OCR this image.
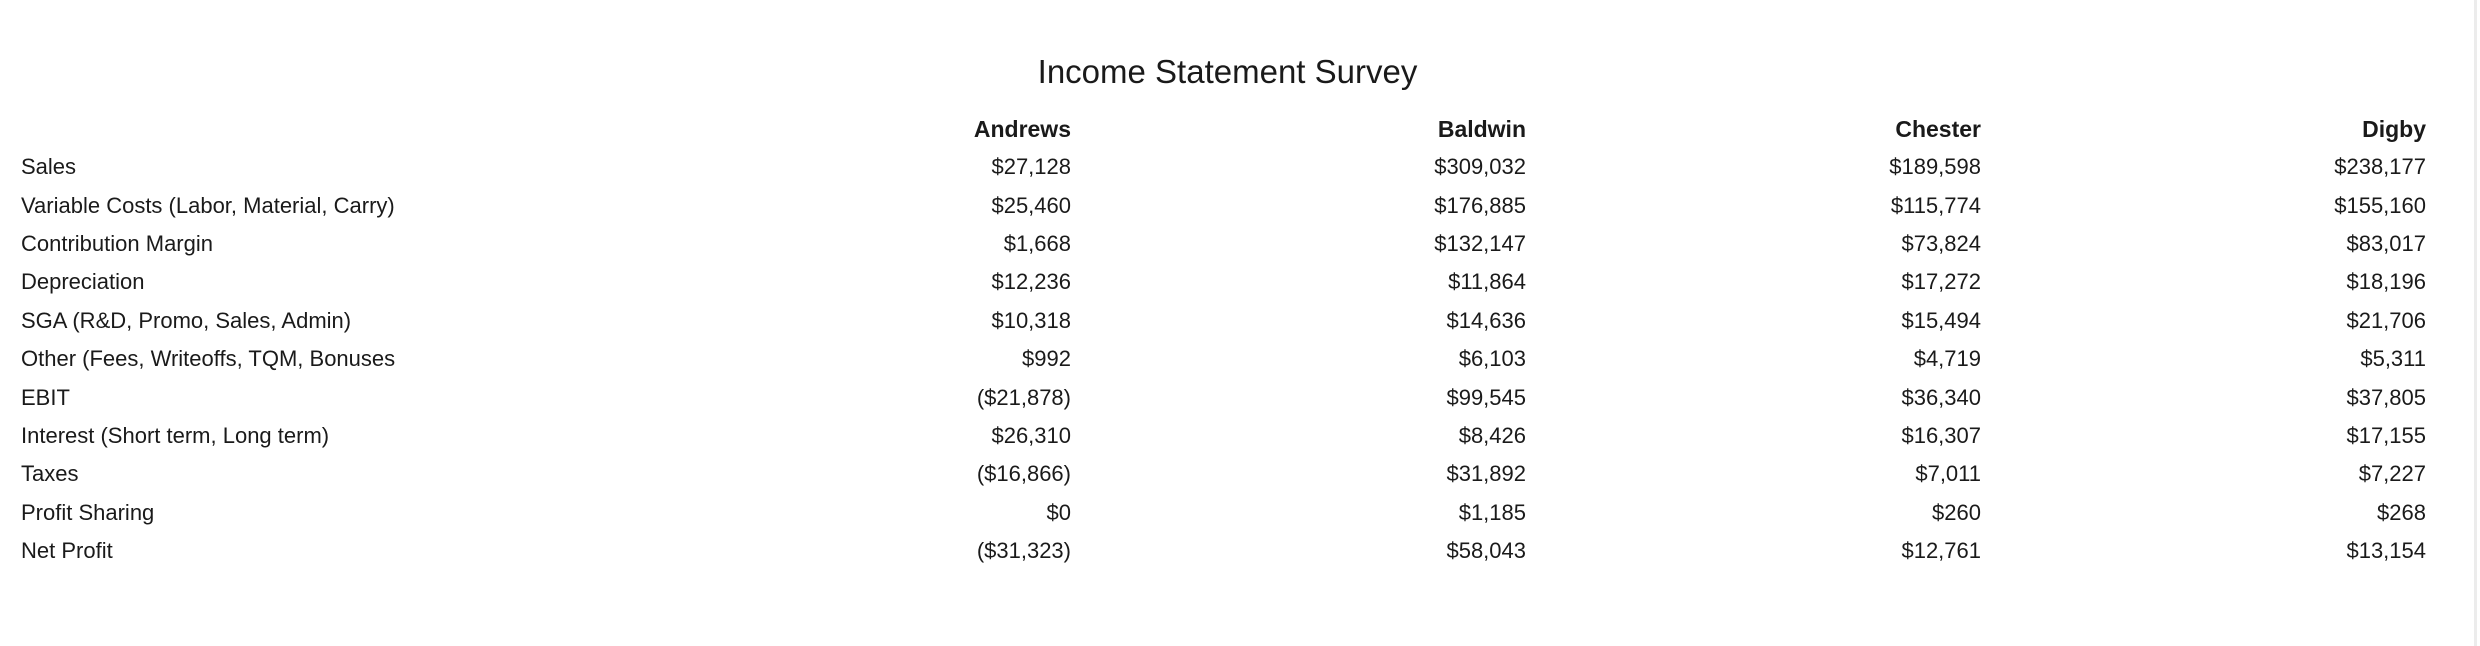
Income Statement Survey
	Andrews	Baldwin	Chester	Digby
Sales	$27,128	$309,032	$189,598	$238,177
Variable Costs (Labor, Material, Carry)	$25,460	$176,885	$115,774	$155,160
Contribution Margin	$1,668	$132,147	$73,824	$83,017
Depreciation	$12,236	$11,864	$17,272	$18,196
SGA (R&D, Promo, Sales, Admin)	$10,318	$14,636	$15,494	$21,706
Other (Fees, Writeoffs, TQM, Bonuses	$992	$6,103	$4,719	$5,311
EBIT	($21,878)	$99,545	$36,340	$37,805
Interest (Short term, Long term)	$26,310	$8,426	$16,307	$17,155
Taxes	($16,866)	$31,892	$7,011	$7,227
Profit Sharing	$0	$1,185	$260	$268
Net Profit	($31,323)	$58,043	$12,761	$13,154
